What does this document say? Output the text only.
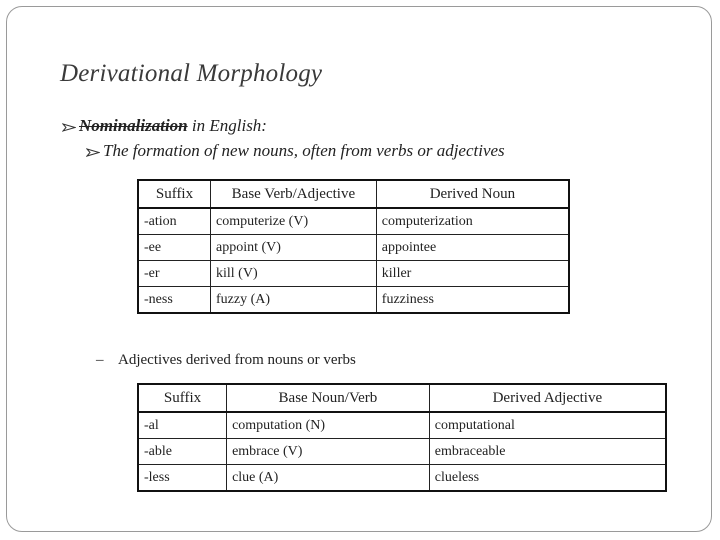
Derivational Morphology
Nominalization in English:
The formation of new nouns, often from verbs or adjectives
Suffix	Base Verb/Adjective	Derived Noun
-ation	computerize (V)	computerization
-ee	appoint (V)	appointee
-er	kill (V)	killer
-ness	fuzzy (A)	fuzziness
– Adjectives derived from nouns or verbs
Suffix	Base Noun/Verb	Derived Adjective
-al	computation (N)	computational
-able	embrace (V)	embraceable
-less	clue (A)	clueless
